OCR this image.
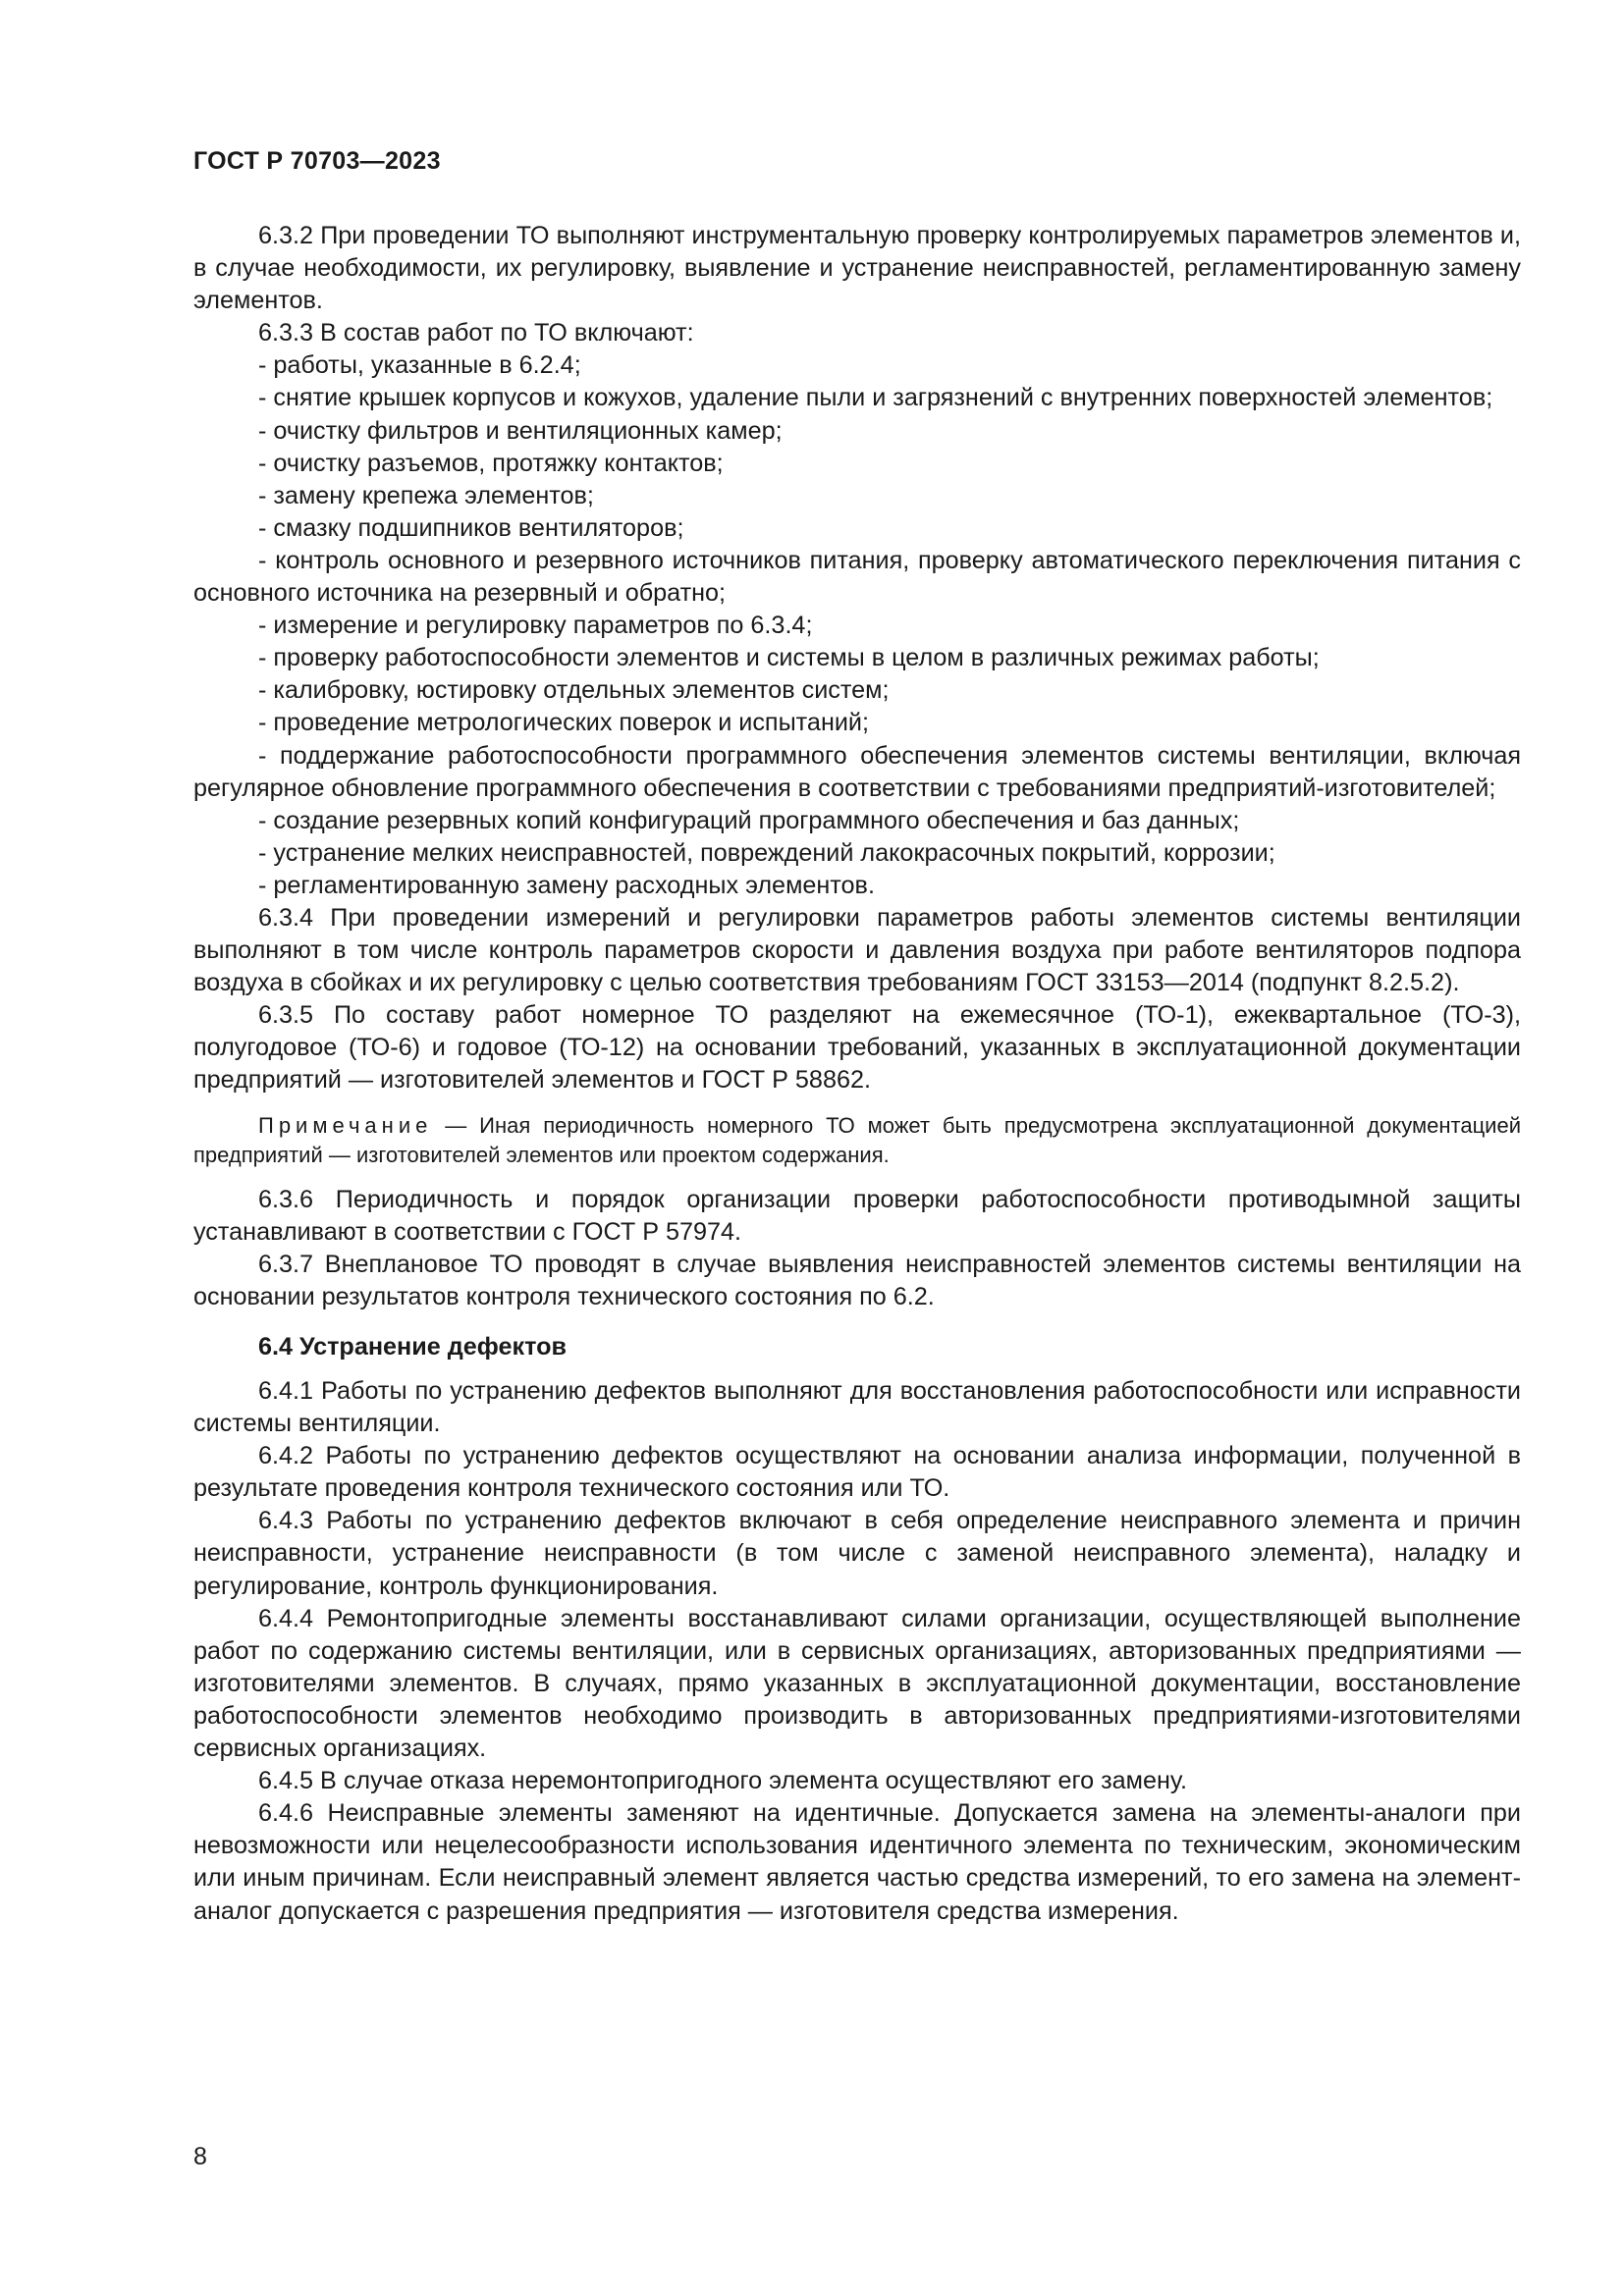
ГОСТ Р 70703—2023

6.3.2 При проведении ТО выполняют инструментальную проверку контролируемых параметров элементов и, в случае необходимости, их регулировку, выявление и устранение неисправностей, регламентированную замену элементов.

6.3.3 В состав работ по ТО включают:

- работы, указанные в 6.2.4;

- снятие крышек корпусов и кожухов, удаление пыли и загрязнений с внутренних поверхностей элементов;

- очистку фильтров и вентиляционных камер;

- очистку разъемов, протяжку контактов;

- замену крепежа элементов;

- смазку подшипников вентиляторов;

- контроль основного и резервного источников питания, проверку автоматического переключения питания с основного источника на резервный и обратно;

- измерение и регулировку параметров по 6.3.4;

- проверку работоспособности элементов и системы в целом в различных режимах работы;

- калибровку, юстировку отдельных элементов систем;

- проведение метрологических поверок и испытаний;

- поддержание работоспособности программного обеспечения элементов системы вентиляции, включая регулярное обновление программного обеспечения в соответствии с требованиями предприятий-изготовителей;

- создание резервных копий конфигураций программного обеспечения и баз данных;

- устранение мелких неисправностей, повреждений лакокрасочных покрытий, коррозии;

- регламентированную замену расходных элементов.

6.3.4 При проведении измерений и регулировки параметров работы элементов системы вентиляции выполняют в том числе контроль параметров скорости и давления воздуха при работе вентиляторов подпора воздуха в сбойках и их регулировку с целью соответствия требованиям ГОСТ 33153—2014 (подпункт 8.2.5.2).

6.3.5 По составу работ номерное ТО разделяют на ежемесячное (ТО-1), ежеквартальное (ТО-3), полугодовое (ТО-6) и годовое (ТО-12) на основании требований, указанных в эксплуатационной документации предприятий — изготовителей элементов и ГОСТ Р 58862.

Примечание — Иная периодичность номерного ТО может быть предусмотрена эксплуатационной документацией предприятий — изготовителей элементов или проектом содержания.

6.3.6 Периодичность и порядок организации проверки работоспособности противодымной защиты устанавливают в соответствии с ГОСТ Р 57974.

6.3.7 Внеплановое ТО проводят в случае выявления неисправностей элементов системы вентиляции на основании результатов контроля технического состояния по 6.2.

6.4 Устранение дефектов

6.4.1 Работы по устранению дефектов выполняют для восстановления работоспособности или исправности системы вентиляции.

6.4.2 Работы по устранению дефектов осуществляют на основании анализа информации, полученной в результате проведения контроля технического состояния или ТО.

6.4.3 Работы по устранению дефектов включают в себя определение неисправного элемента и причин неисправности, устранение неисправности (в том числе с заменой неисправного элемента), наладку и регулирование, контроль функционирования.

6.4.4 Ремонтопригодные элементы восстанавливают силами организации, осуществляющей выполнение работ по содержанию системы вентиляции, или в сервисных организациях, авторизованных предприятиями — изготовителями элементов. В случаях, прямо указанных в эксплуатационной документации, восстановление работоспособности элементов необходимо производить в авторизованных предприятиями-изготовителями сервисных организациях.

6.4.5 В случае отказа неремонтопригодного элемента осуществляют его замену.

6.4.6 Неисправные элементы заменяют на идентичные. Допускается замена на элементы-аналоги при невозможности или нецелесообразности использования идентичного элемента по техническим, экономическим или иным причинам. Если неисправный элемент является частью средства измерений, то его замена на элемент-аналог допускается с разрешения предприятия — изготовителя средства измерения.

8
